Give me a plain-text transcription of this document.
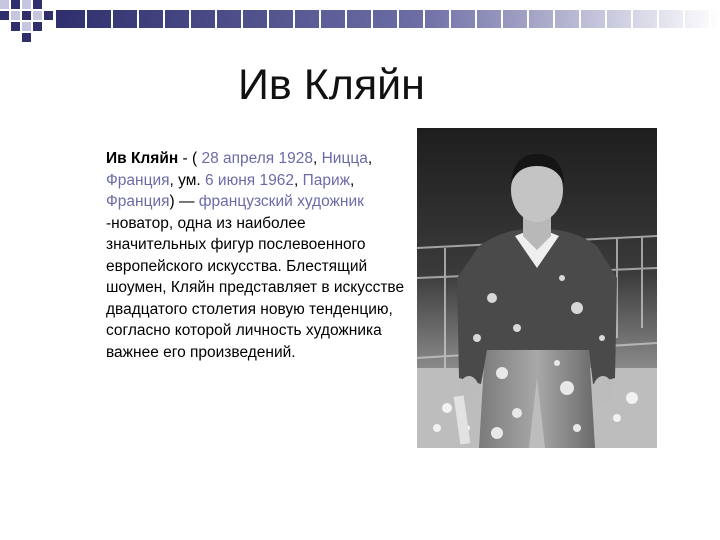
Ив Кляйн
Ив Кляйн - ( 28 апреля 1928, Ницца, Франция, ум. 6 июня 1962, Париж, Франция) — французский художник -новатор, одна из наиболее значительных фигур послевоенного европейского искусства. Блестящий шоумен, Кляйн представляет в искусстве двадцатого столетия новую тенденцию, согласно которой личность художника важнее его произведений.
